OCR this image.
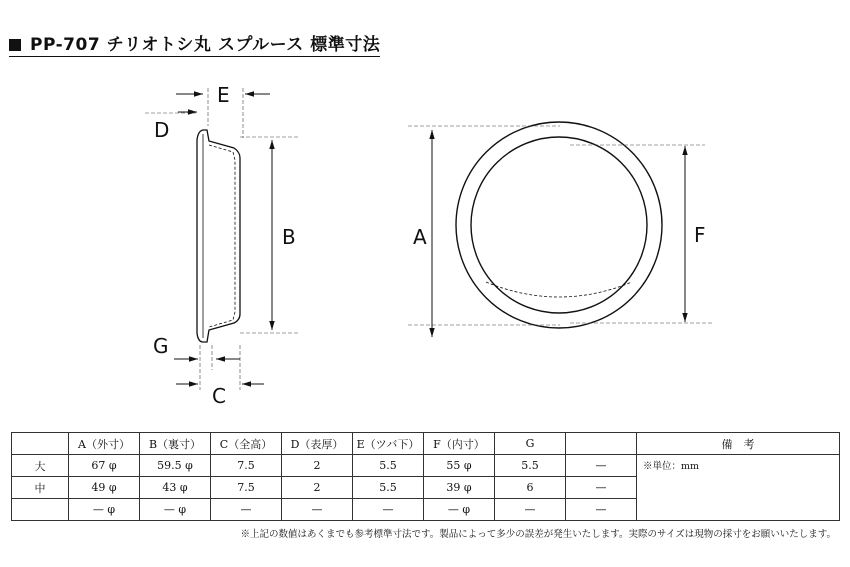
PP-707 チリオトシ丸 スプルース 標準寸法
E
D
B
G
C
A	F
	A（外寸）	B（裏寸）	C（全高）	D（表厚）	E（ツバ下）	F（内寸）	G		備　考
大	67 φ	59.5 φ	7.5	2	5.5	55 φ	5.5	—	※単位：mm
中	49 φ	43 φ	7.5	2	5.5	39 φ	6	—	
	— φ	— φ	—	—	—	— φ	—	—	
※上記の数値はあくまでも参考標準寸法です。製品によって多少の誤差が発生いたします。実際のサイズは現物の採寸をお願いいたします。
